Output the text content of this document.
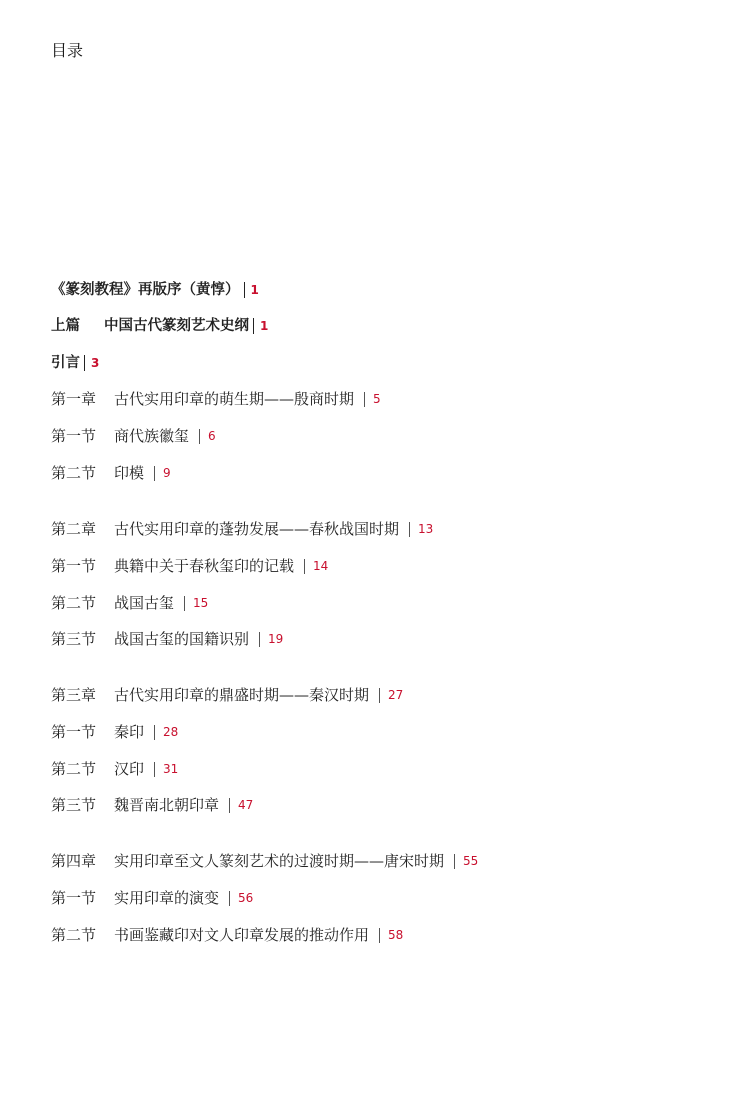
目录
《篆刻教程》再版序（黄惇） 1
上篇 中国古代篆刻艺术史纲 1
引言 3
第一章 古代实用印章的萌生期——殷商时期 5
第一节 商代族徽玺 6
第二节 印模 9
第二章 古代实用印章的蓬勃发展——春秋战国时期 13
第一节 典籍中关于春秋玺印的记载 14
第二节 战国古玺 15
第三节 战国古玺的国籍识别 19
第三章 古代实用印章的鼎盛时期——秦汉时期 27
第一节 秦印 28
第二节 汉印 31
第三节 魏晋南北朝印章 47
第四章 实用印章至文人篆刻艺术的过渡时期——唐宋时期 55
第一节 实用印章的演变 56
第二节 书画鉴藏印对文人印章发展的推动作用 58
